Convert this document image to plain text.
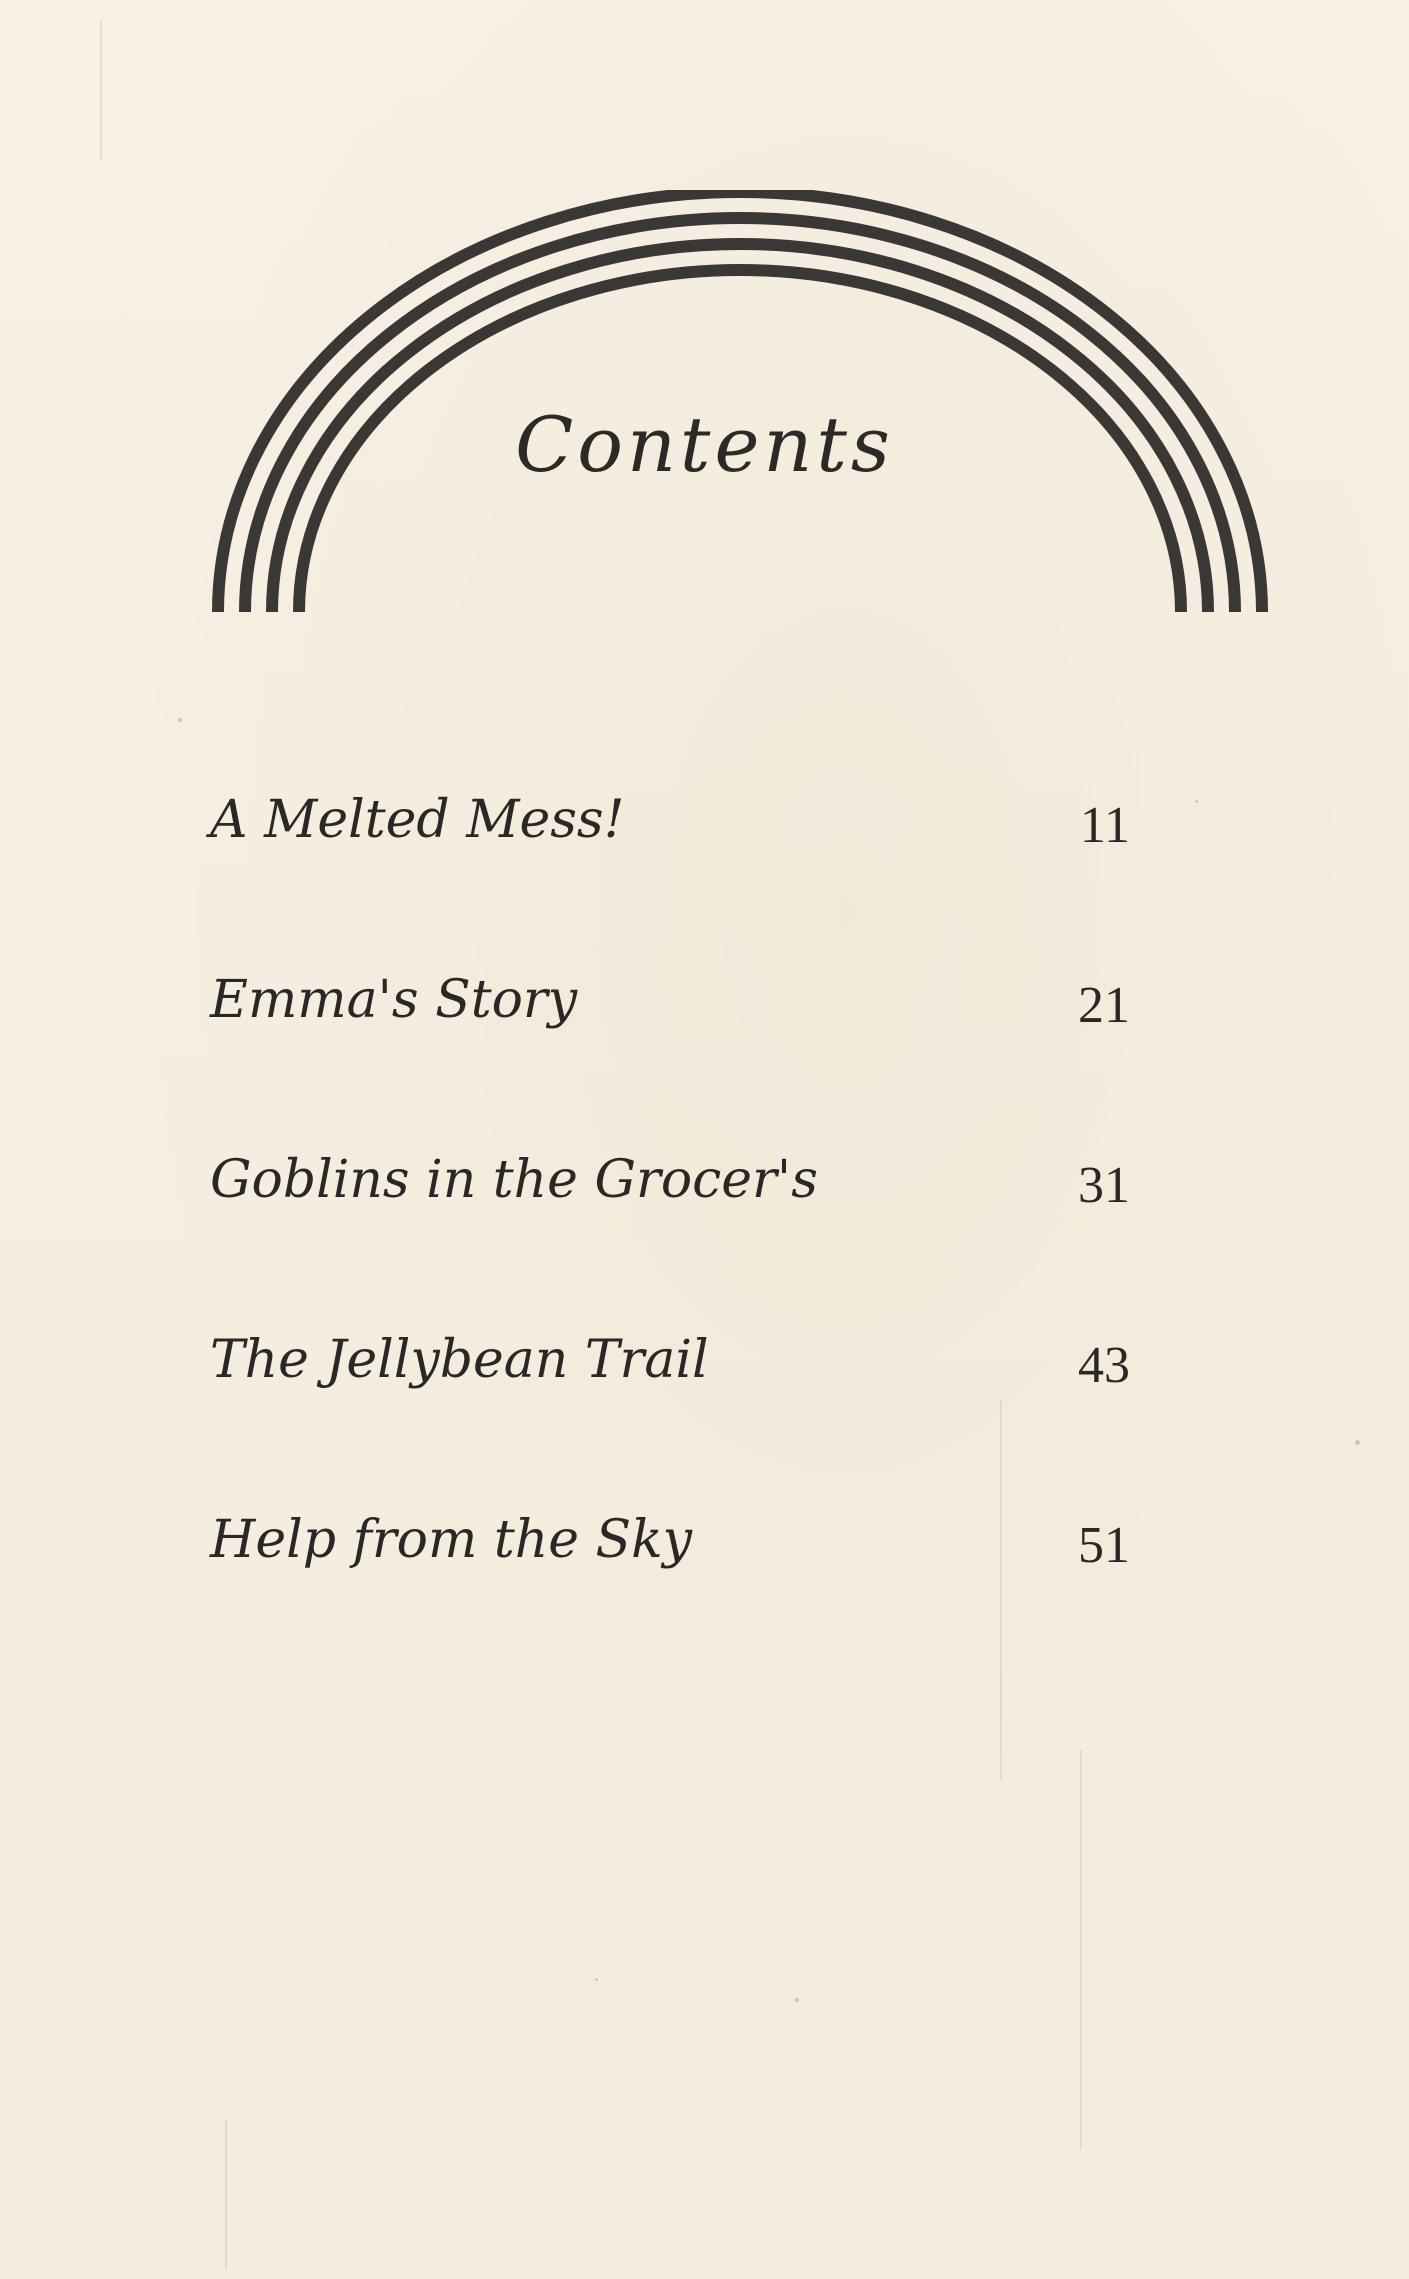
Contents
A Melted Mess!	11
Emma's Story	21
Goblins in the Grocer's	31
The Jellybean Trail	43
Help from the Sky	51
